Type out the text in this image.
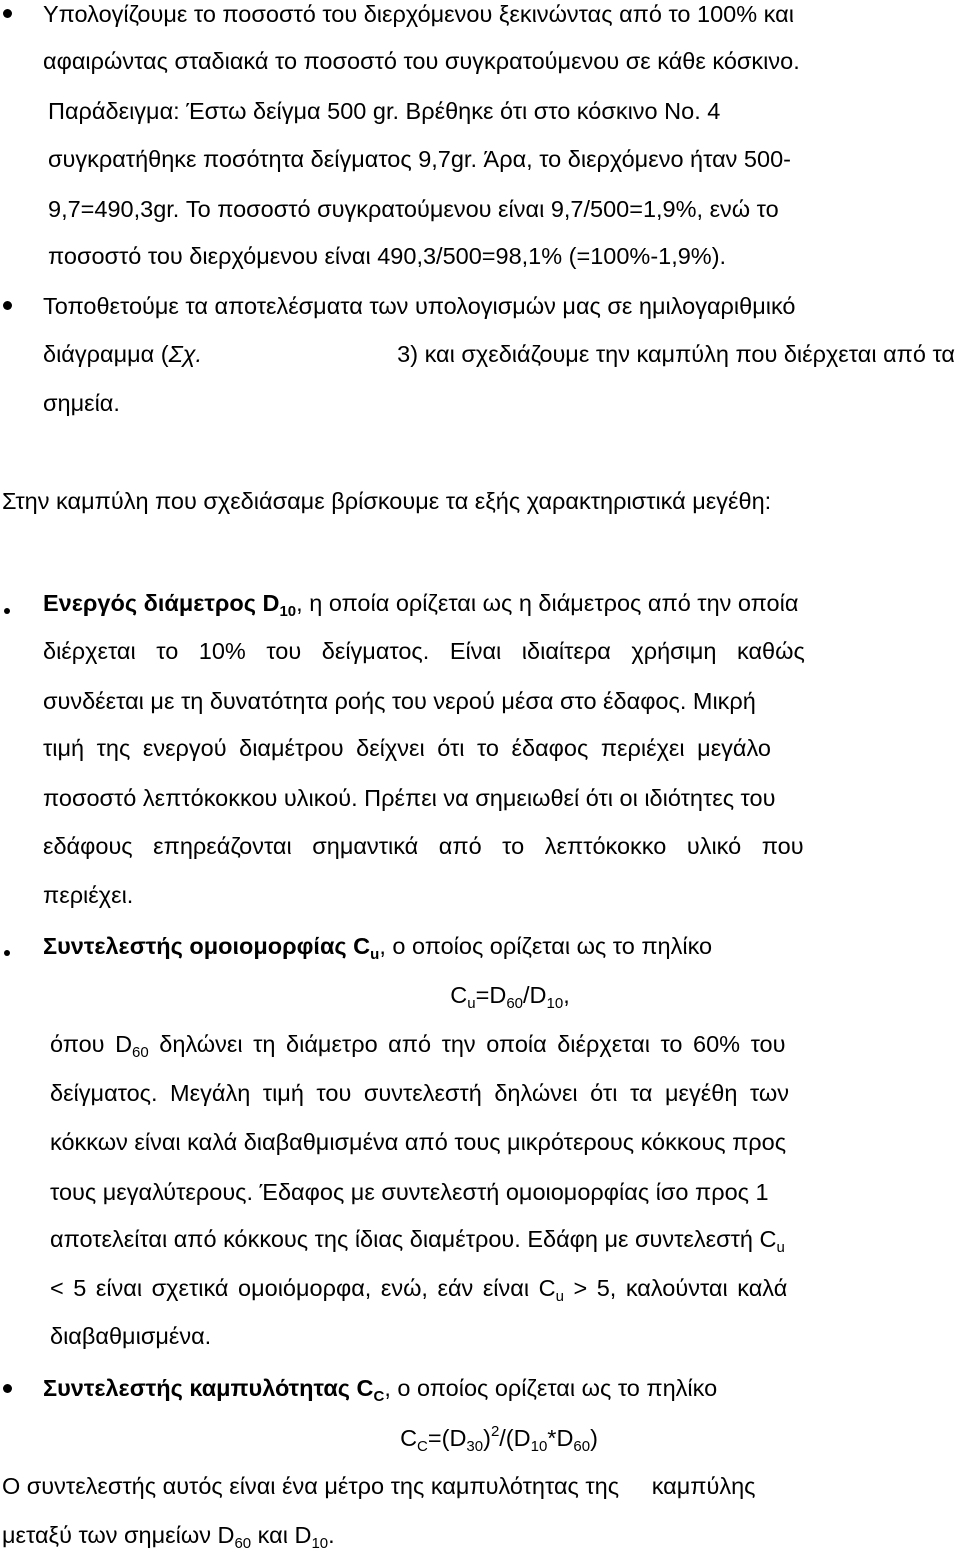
Υπολογίζουμε το ποσοστό του διερχόμενου ξεκινώντας από το 100% και
αφαιρώντας σταδιακά το ποσοστό του συγκρατούμενου σε κάθε κόσκινο.
Παράδειγμα: Έστω δείγμα 500 gr. Βρέθηκε ότι στο κόσκινο No. 4
συγκρατήθηκε ποσότητα δείγματος 9,7gr. Άρα, το διερχόμενο ήταν 500-
9,7=490,3gr. Το ποσοστό συγκρατούμενου είναι 9,7/500=1,9%, ενώ το
ποσοστό του διερχόμενου είναι 490,3/500=98,1% (=100%-1,9%).
Τοποθετούμε τα αποτελέσματα των υπολογισμών μας σε ημιλογαριθμικό
διάγραμμα (Σχ.	3) και σχεδιάζουμε την καμπύλη που διέρχεται από τα
σημεία.
Στην καμπύλη που σχεδιάσαμε βρίσκουμε τα εξής χαρακτηριστικά μεγέθη:
Ενεργός διάμετρος $D_{10}$, η οποία ορίζεται ως η διάμετρος από την οποία
διέρχεται το 10% του δείγματος. Είναι ιδιαίτερα χρήσιμη καθώς
συνδέεται με τη δυνατότητα ροής του νερού μέσα στο έδαφος. Μικρή
τιμή της ενεργού διαμέτρου δείχνει ότι το έδαφος περιέχει μεγάλο
ποσοστό λεπτόκοκκου υλικού. Πρέπει να σημειωθεί ότι οι ιδιότητες του
εδάφους επηρεάζονται σημαντικά από το λεπτόκοκκο υλικό που
περιέχει.
Συντελεστής ομοιομορφίας $C_u$, ο οποίος ορίζεται ως το πηλίκο
$C_u=D_{60}/D_{10}$,
όπου $D_{60}$ δηλώνει τη διάμετρο από την οποία διέρχεται το 60% του
δείγματος. Μεγάλη τιμή του συντελεστή δηλώνει ότι τα μεγέθη των
κόκκων είναι καλά διαβαθμισμένα από τους μικρότερους κόκκους προς
τους μεγαλύτερους. Έδαφος με συντελεστή ομοιομορφίας ίσο προς 1
αποτελείται από κόκκους της ίδιας διαμέτρου. Εδάφη με συντελεστή $C_u$
< 5 είναι σχετικά ομοιόμορφα, ενώ, εάν είναι $C_u > 5$, καλούνται καλά
διαβαθμισμένα.
Συντελεστής καμπυλότητας $C_C$, ο οποίος ορίζεται ως το πηλίκο
$C_C=(D_{30})^2/(D_{10}*D_{60})$
Ο συντελεστής αυτός είναι ένα μέτρο της καμπυλότητας της     καμπύλης
μεταξύ των σημείων $D_{60}$ και $D_{10}$.
